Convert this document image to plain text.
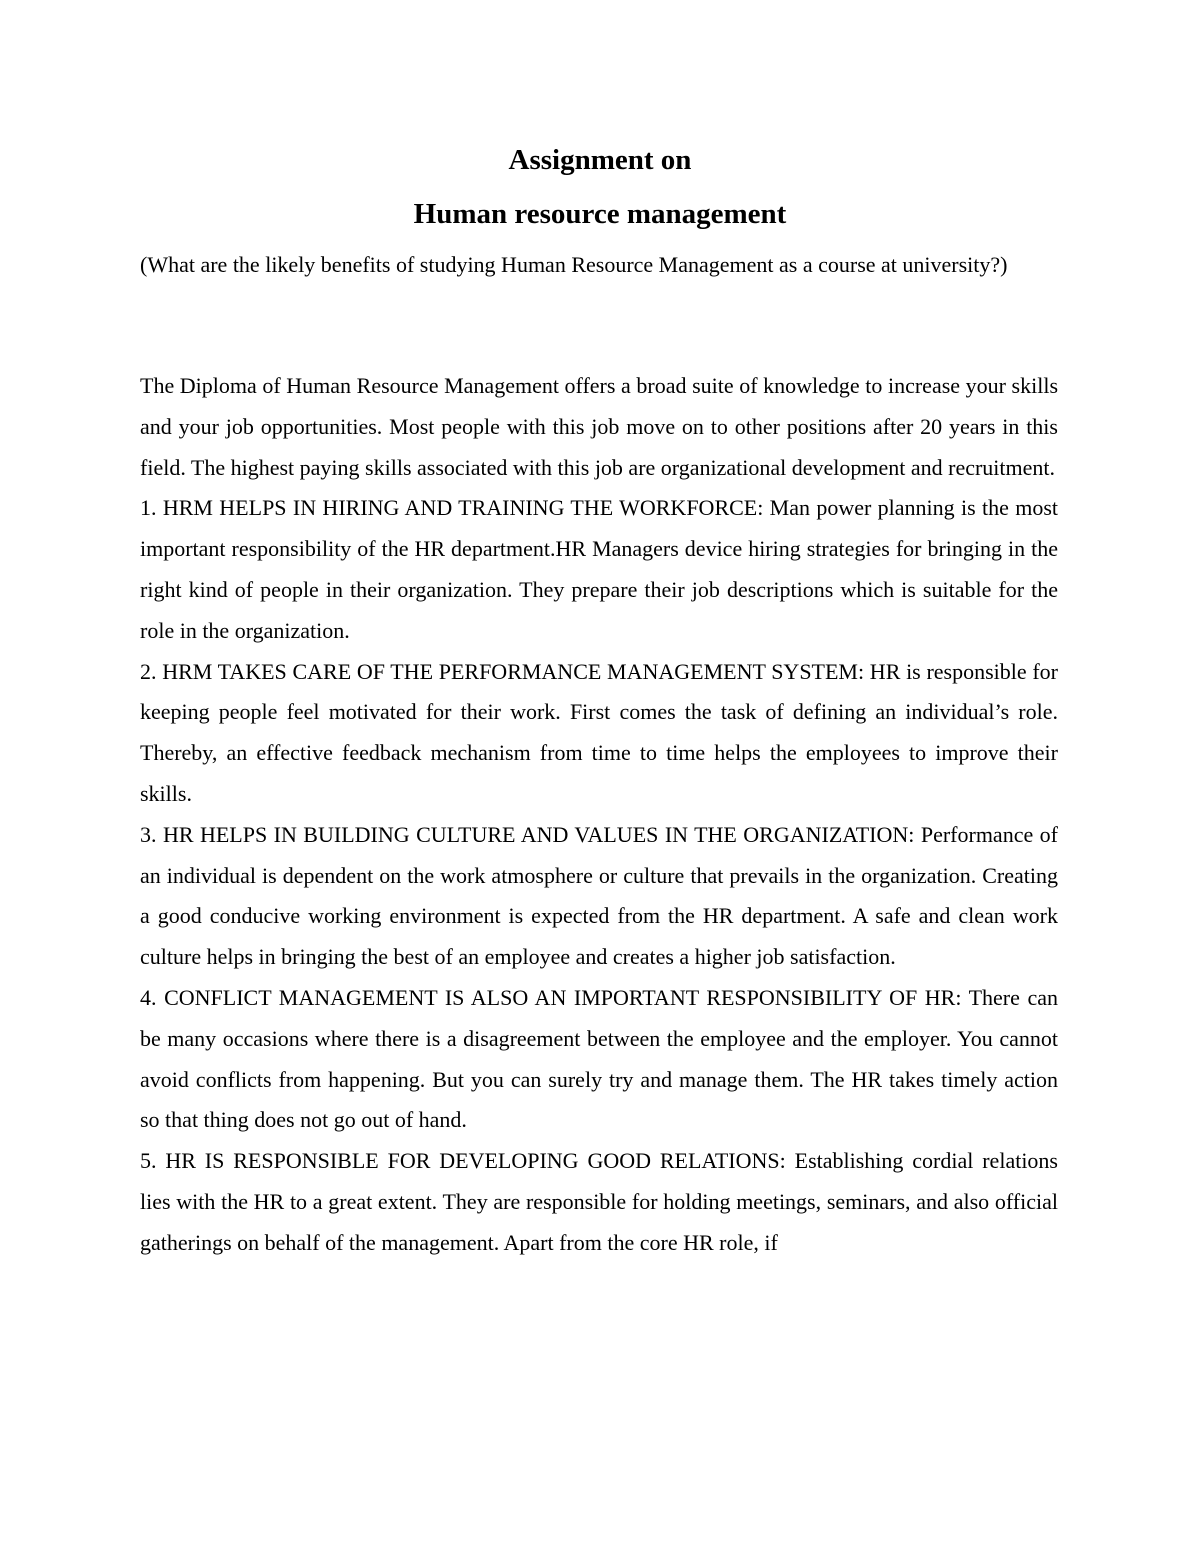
Assignment on
Human resource management

(What are the likely benefits of studying Human Resource Management as a course at university?)

The Diploma of Human Resource Management offers a broad suite of knowledge to increase your skills and your job opportunities. Most people with this job move on to other positions after 20 years in this field. The highest paying skills associated with this job are organizational development and recruitment.

1. HRM HELPS IN HIRING AND TRAINING THE WORKFORCE: Man power planning is the most important responsibility of the HR department.HR Managers device hiring strategies for bringing in the right kind of people in their organization. They prepare their job descriptions which is suitable for the role in the organization.

2. HRM TAKES CARE OF THE PERFORMANCE MANAGEMENT SYSTEM: HR is responsible for keeping people feel motivated for their work. First comes the task of defining an individual’s role. Thereby, an effective feedback mechanism from time to time helps the employees to improve their skills.

3. HR HELPS IN BUILDING CULTURE AND VALUES IN THE ORGANIZATION: Performance of an individual is dependent on the work atmosphere or culture that prevails in the organization. Creating a good conducive working environment is expected from the HR department. A safe and clean work culture helps in bringing the best of an employee and creates a higher job satisfaction.

4. CONFLICT MANAGEMENT IS ALSO AN IMPORTANT RESPONSIBILITY OF HR: There can be many occasions where there is a disagreement between the employee and the employer. You cannot avoid conflicts from happening. But you can surely try and manage them. The HR takes timely action so that thing does not go out of hand.

5. HR IS RESPONSIBLE FOR DEVELOPING GOOD RELATIONS: Establishing cordial relations lies with the HR to a great extent. They are responsible for holding meetings, seminars, and also official gatherings on behalf of the management. Apart from the core HR role, if
